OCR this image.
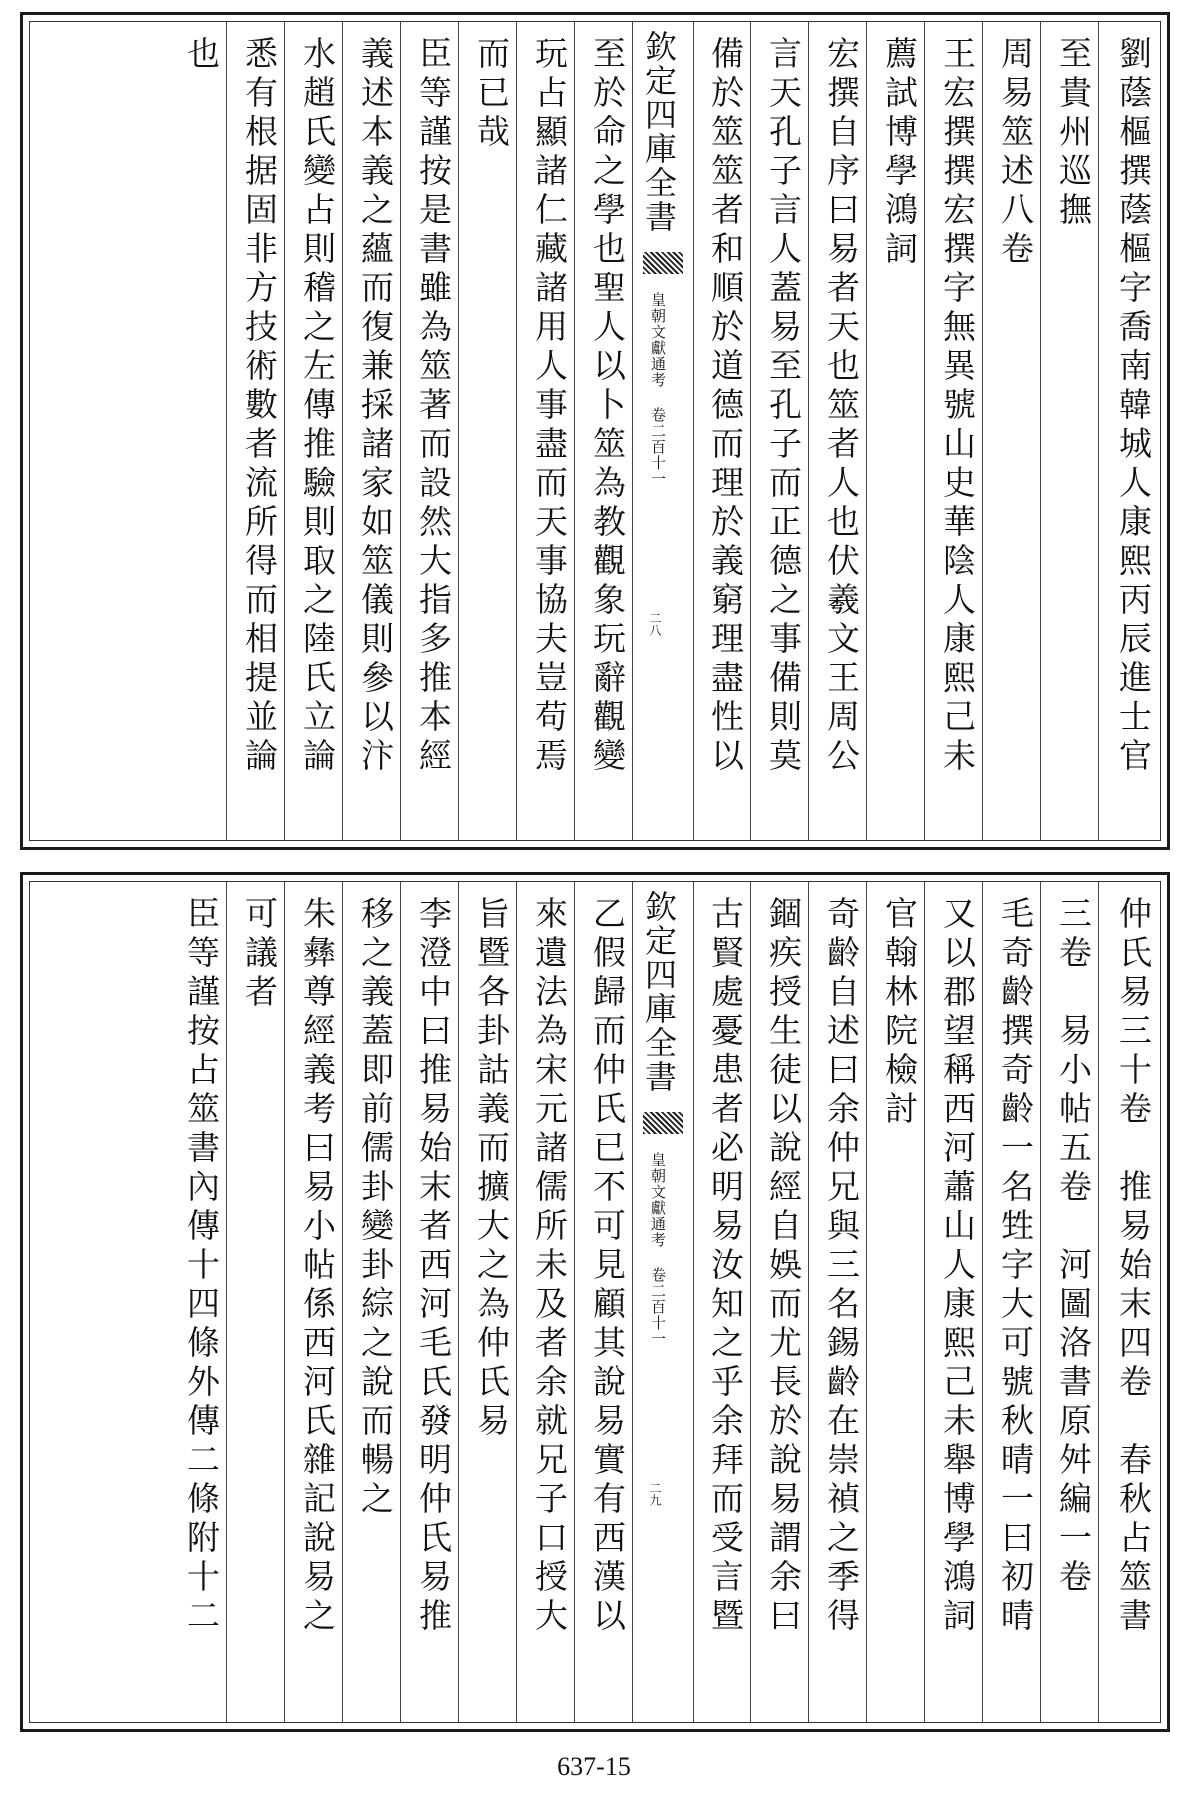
劉蔭樞撰蔭樞字喬南韓城人康熙丙辰進士官
至貴州巡撫
周易筮述八卷
王宏撰撰宏撰字無異號山史華陰人康熙己未
薦試博學鴻詞
宏撰自序曰易者天也筮者人也伏羲文王周公
言天孔子言人蓋易至孔子而正德之事備則莫
備於筮筮者和順於道德而理於義窮理盡性以
欽定四庫全書
皇朝文獻通考 卷二百十一
二八
至於命之學也聖人以卜筮為教觀象玩辭觀變
玩占顯諸仁藏諸用人事盡而天事協夫豈苟焉
而已哉
臣等謹按是書雖為筮著而設然大指多推本經
義述本義之蘊而復兼採諸家如筮儀則參以汴
水趙氏變占則稽之左傳推驗則取之陸氏立論
悉有根据固非方技術數者流所得而相提並論
也
仲氏易三十卷　推易始末四卷　春秋占筮書
三卷　易小帖五卷　河圖洛書原舛編一卷
毛奇齡撰奇齡一名甡字大可號秋晴一曰初晴
又以郡望稱西河蕭山人康熙己未舉博學鴻詞
官翰林院檢討
奇齡自述曰余仲兄與三名錫齡在崇禎之季得
錮疾授生徒以說經自娛而尤長於說易謂余曰
古賢處憂患者必明易汝知之乎余拜而受言暨
欽定四庫全書
皇朝文獻通考 卷二百十一
二九
乙假歸而仲氏已不可見顧其說易實有西漢以
來遺法為宋元諸儒所未及者余就兄子口授大
旨暨各卦詁義而擴大之為仲氏易
李澄中曰推易始末者西河毛氏發明仲氏易推
移之義蓋即前儒卦變卦綜之說而暢之
朱彝尊經義考曰易小帖係西河氏雜記說易之
可議者
臣等謹按占筮書內傳十四條外傳二條附十二
637-15
